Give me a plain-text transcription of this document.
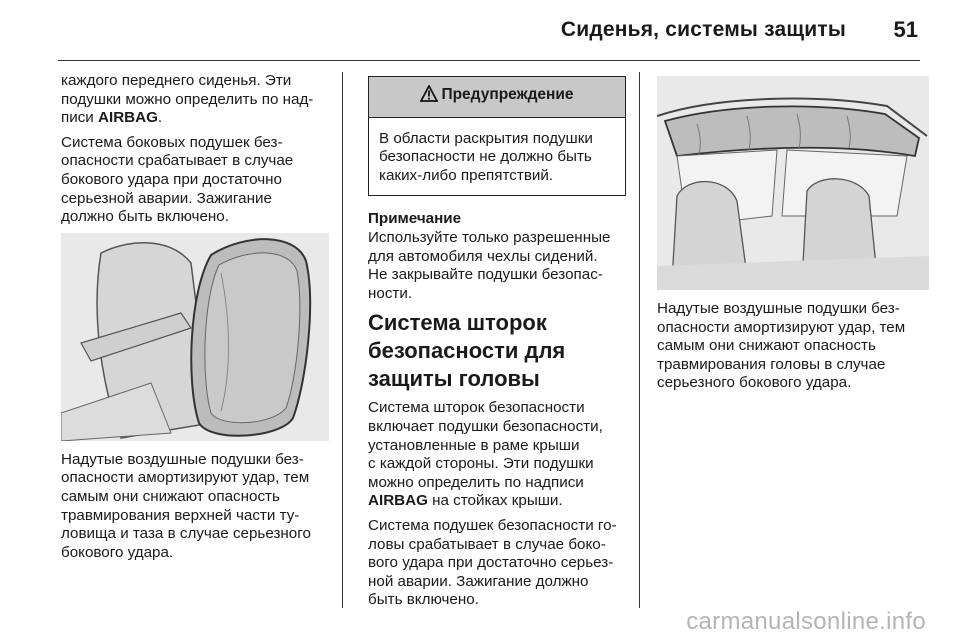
Сиденья, системы защиты 51

каждого переднего сиденья. Эти
подушки можно определить по над-
писи AIRBAG.

Система боковых подушек без-
опасности срабатывает в случае
бокового удара при достаточно
серьезной аварии. Зажигание
должно быть включено.

Надутые воздушные подушки без-
опасности амортизируют удар, тем
самым они снижают опасность
травмирования верхней части ту-
ловища и таза в случае серьезного
бокового удара.

Предупреждение
В области раскрытия подушки
безопасности не должно быть
каких-либо препятствий.

Примечание

Используйте только разрешенные
для автомобиля чехлы сидений.
Не закрывайте подушки безопас-
ности.

Система шторок
безопасности для
защиты головы

Система шторок безопасности
включает подушки безопасности,
установленные в раме крыши
с каждой стороны. Эти подушки
можно определить по надписи
AIRBAG на стойках крыши.

Система подушек безопасности го-
ловы срабатывает в случае боко-
вого удара при достаточно серьез-
ной аварии. Зажигание должно
быть включено.

Надутые воздушные подушки без-
опасности амортизируют удар, тем
самым они снижают опасность
травмирования головы в случае
серьезного бокового удара.

carmanualsonline.info
